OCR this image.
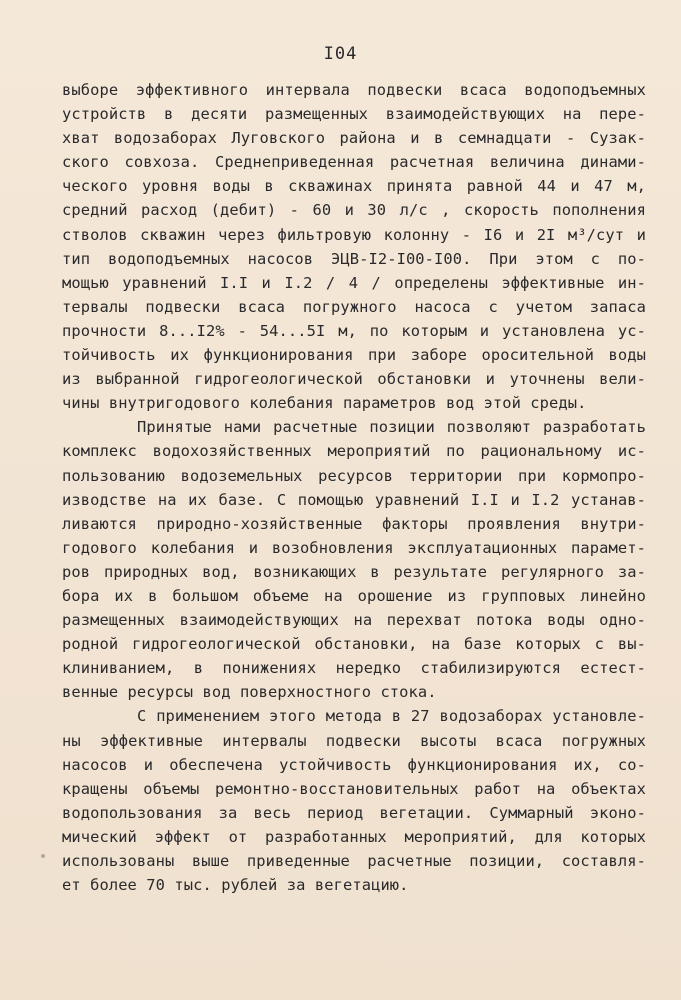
I04
выборе эффективного интервала подвески всаса водоподъемных
устройств в десяти размещенных взаимодействующих на пере-
хват водозаборах Луговского района и в семнадцати - Сузак-
ского совхоза. Среднеприведенная расчетная величина динами-
ческого уровня воды в скважинах принята равной 44 и 47 м,
средний расход (дебит) - 60 и 30 л/с , скорость пополнения
стволов скважин через фильтровую колонну - I6 и 2I м³/сут и
тип водоподъемных насосов ЭЦВ-I2-I00-I00. При этом с по-
мощью уравнений I.I и I.2 / 4 / определены эффективные ин-
тервалы подвески всаса погружного насоса с учетом запаса
прочности 8...I2% - 54...5I м, по которым и установлена ус-
тойчивость их функционирования при заборе оросительной воды
из выбранной гидрогеологической обстановки и уточнены вели-
чины внутригодового колебания параметров вод этой среды.
Принятые нами расчетные позиции позволяют разработать
комплекс водохозяйственных мероприятий по рациональному ис-
пользованию водоземельных ресурсов территории при кормопро-
изводстве на их базе. С помощью уравнений I.I и I.2 устанав-
ливаются природно-хозяйственные факторы проявления внутри-
годового колебания и возобновления эксплуатационных парамет-
ров природных вод, возникающих в результате регулярного за-
бора их в большом объеме на орошение из групповых линейно
размещенных взаимодействующих на перехват потока воды одно-
родной гидрогеологической обстановки, на базе которых с вы-
клиниванием, в понижениях нередко стабилизируются естест-
венные ресурсы вод поверхностного стока.
С применением этого метода в 27 водозаборах установле-
ны эффективные интервалы подвески высоты всаса погружных
насосов и обеспечена устойчивость функционирования их, со-
кращены объемы ремонтно-восстановительных работ на объектах
водопользования за весь период вегетации. Суммарный эконо-
мический эффект от разработанных мероприятий, для которых
использованы выше приведенные расчетные позиции, составля-
ет более 70 тыс. рублей за вегетацию.
